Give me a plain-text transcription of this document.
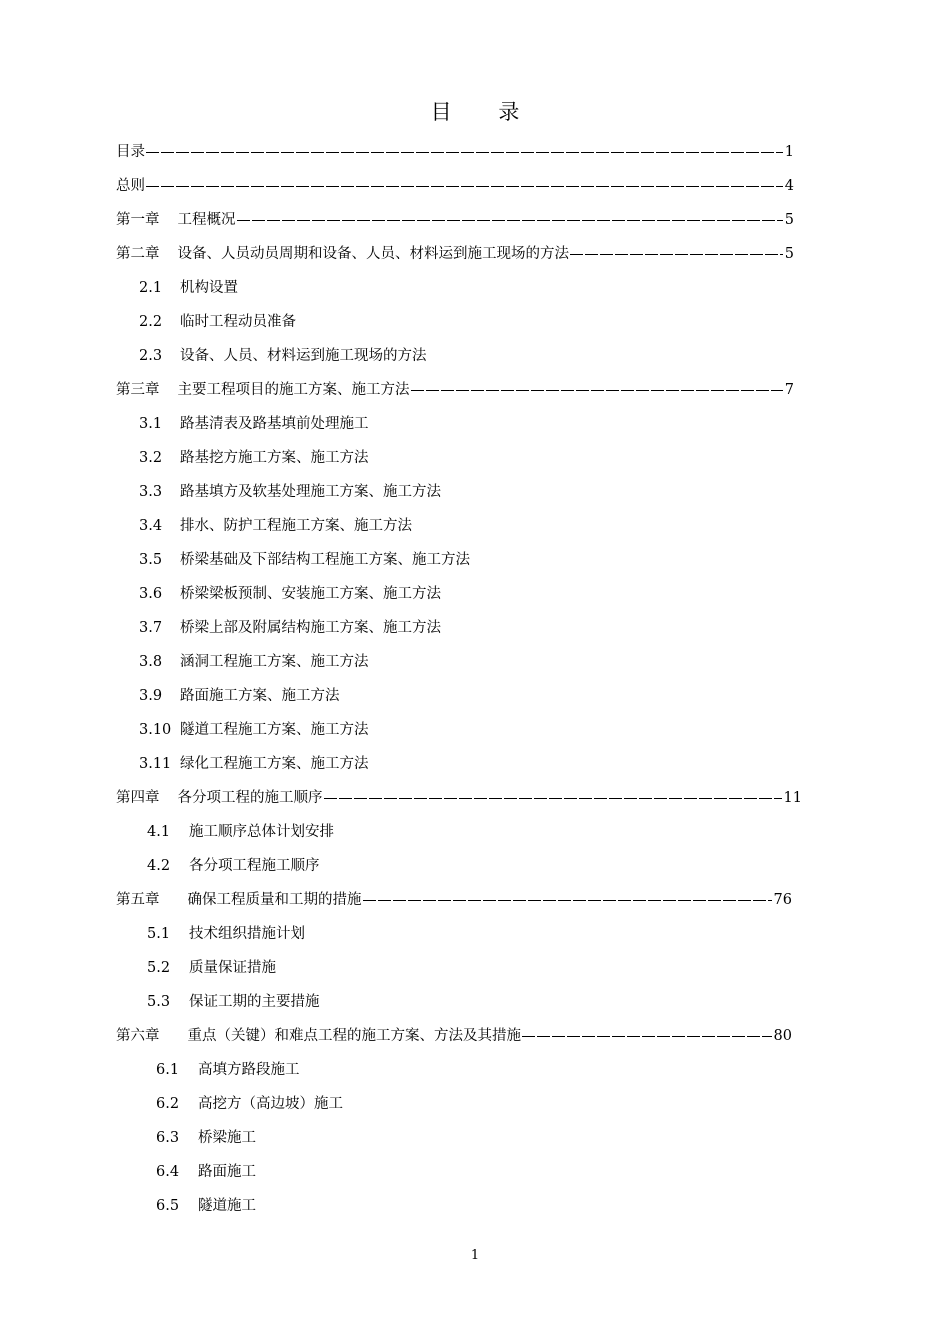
目 录
目录	1
总则	4
第一章 工程概况	5
第二章 设备、人员动员周期和设备、人员、材料运到施工现场的方法	5
2.1	机构设置
2.2	临时工程动员准备
2.3	设备、人员、材料运到施工现场的方法
第三章 主要工程项目的施工方案、施工方法	7
3.1	路基清表及路基填前处理施工
3.2	路基挖方施工方案、施工方法
3.3	路基填方及软基处理施工方案、施工方法
3.4	排水、防护工程施工方案、施工方法
3.5	桥梁基础及下部结构工程施工方案、施工方法
3.6	桥梁梁板预制、安装施工方案、施工方法
3.7	桥梁上部及附属结构施工方案、施工方法
3.8	涵洞工程施工方案、施工方法
3.9	路面施工方案、施工方法
3.10 隧道工程施工方案、施工方法
3.11 绿化工程施工方案、施工方法
第四章 各分项工程的施工顺序	11
4.1	施工顺序总体计划安排
4.2	各分项工程施工顺序
第五章 确保工程质量和工期的措施	76
5.1	技术组织措施计划
5.2	质量保证措施
5.3	保证工期的主要措施
第六章 重点（关键）和难点工程的施工方案、方法及其措施	80
6.1	高填方路段施工
6.2	高挖方（高边坡）施工
6.3	桥梁施工
6.4	路面施工
6.5	隧道施工
1
